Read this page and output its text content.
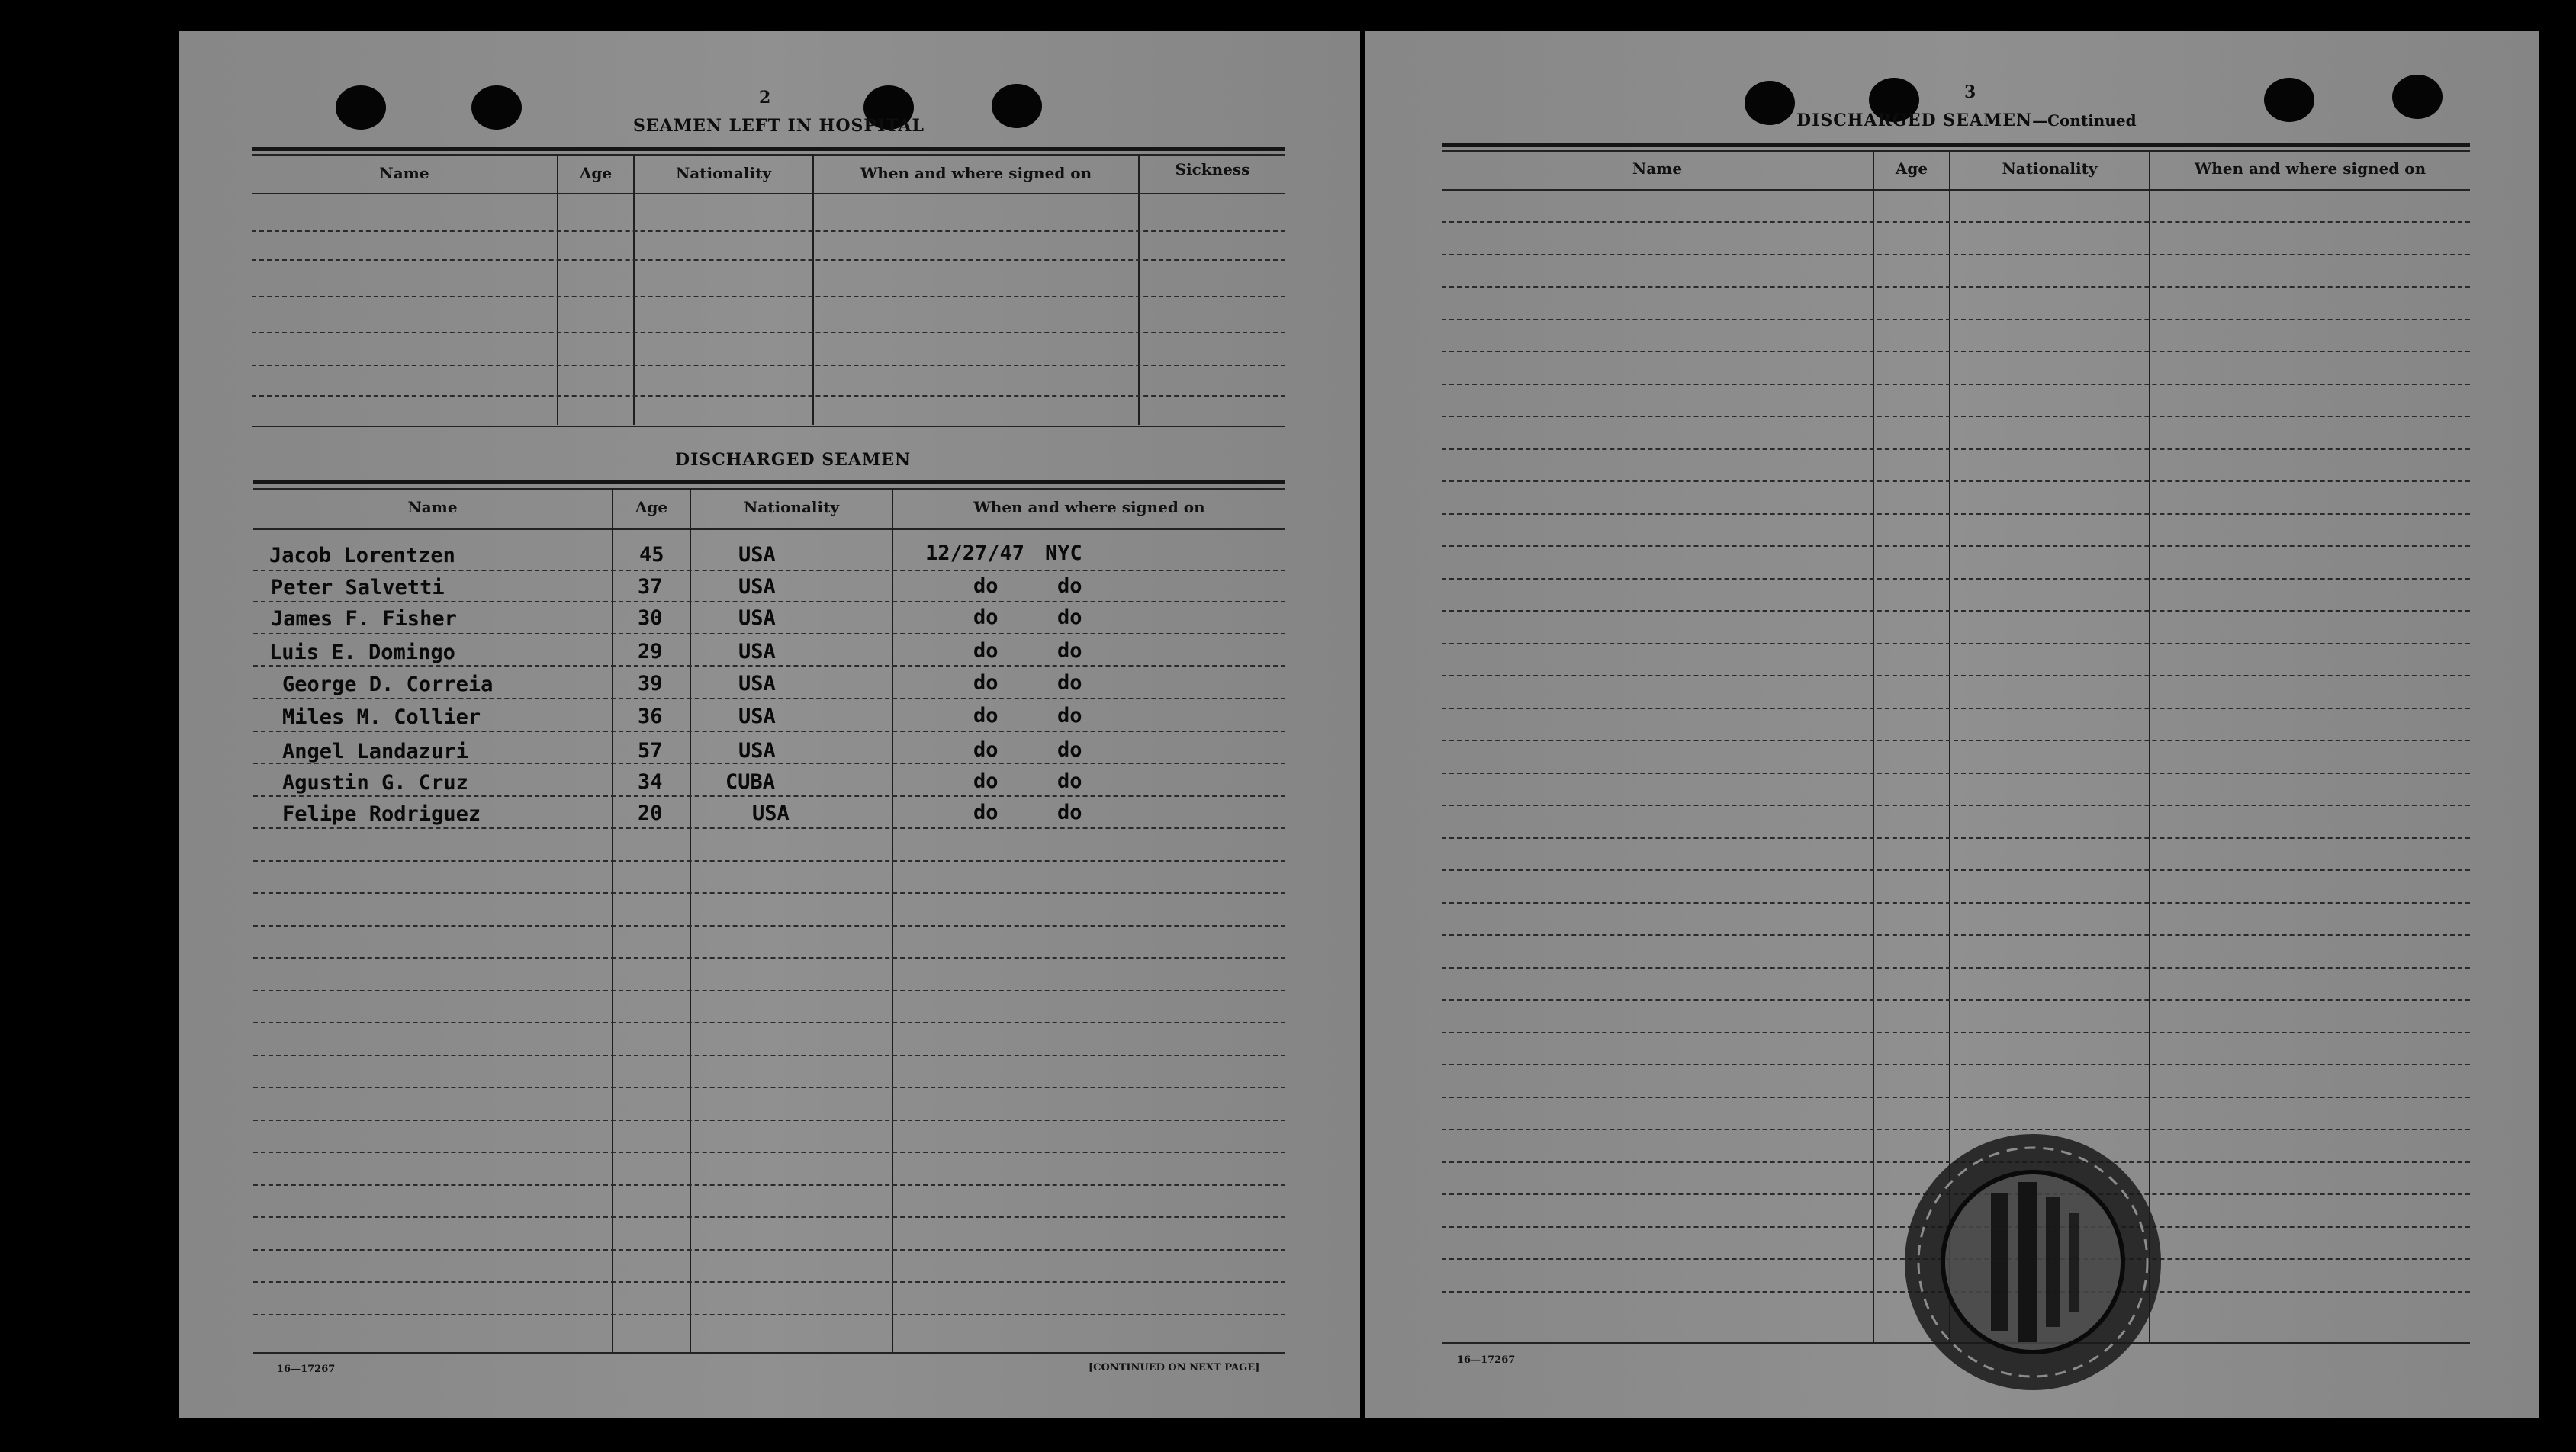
2
SEAMEN LEFT IN HOSPITAL
Name	Age	Nationality	When and where signed on	Sickness
DISCHARGED SEAMEN
Name	Age	Nationality	When and where signed on
Jacob Lorentzen	45	USA	12/27/47 NYC
Peter Salvetti	37	USA	do	do
James F. Fisher	30	USA	do	do
Luis E. Domingo	29	USA	do	do
George D. Correia	39	USA	do	do
Miles M. Collier	36	USA	do	do
Angel Landazuri	57	USA	do	do
Agustin G. Cruz	34	CUBA	do	do
Felipe Rodriguez	20	USA	do	do
16—17267	[CONTINUED ON NEXT PAGE]
3
DISCHARGED SEAMEN—Continued
Name	Age	Nationality	When and where signed on
16—17267
